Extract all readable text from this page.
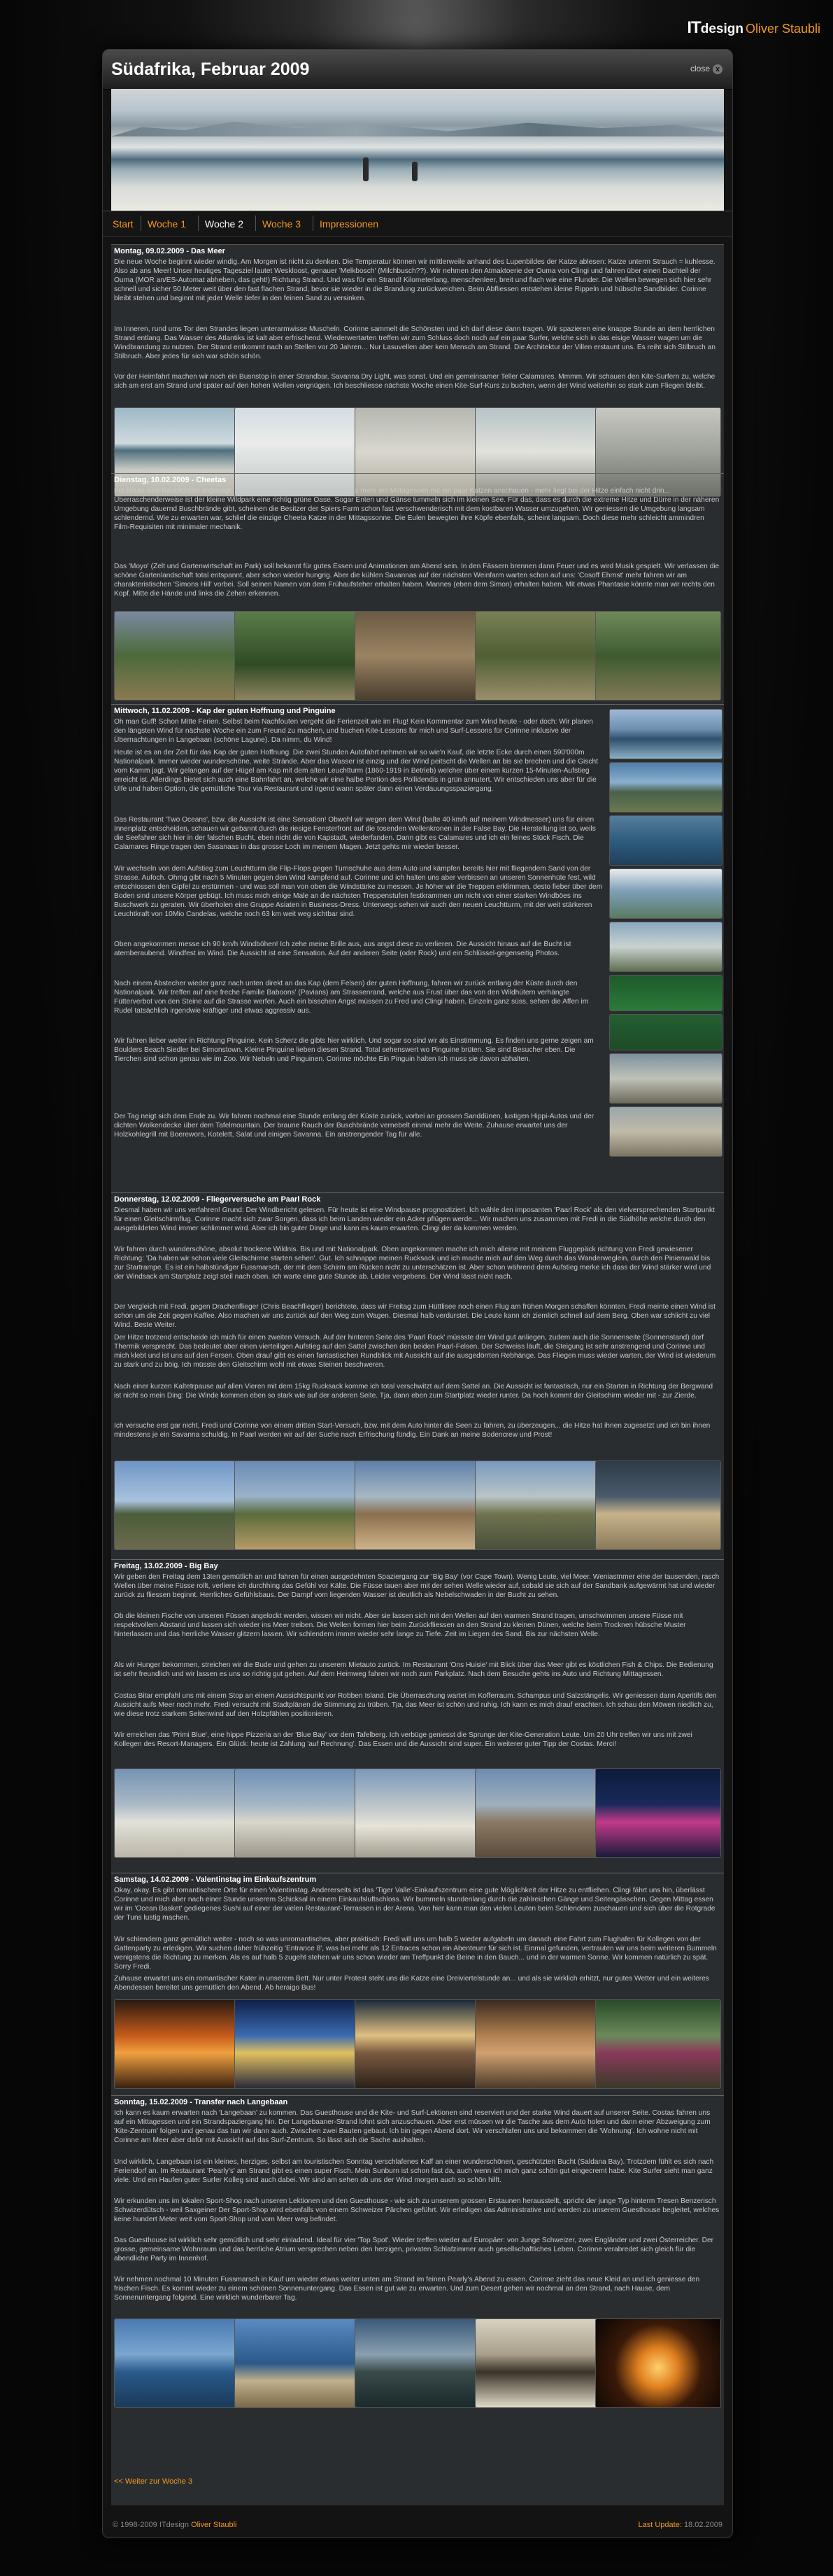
ITdesign Oliver Staubli
Südafrika, Februar 2009	close x
Start Woche 1 Woche 2 Woche 3 Impressionen
Montag, 09.02.2009 - Das Meer

Die neue Woche beginnt wieder windig. Am Morgen ist nicht zu denken. Die Temperatur können wir mittlerweile anhand des Lupenbildes der Katze ablesen: Katze unterm Strauch = kuhlesse. Also ab ans Meer! Unser heutiges Tagesziel lautet Weskloost, genauer 'Melkbosch' (Milchbusch??). Wir nehmen den Atmaktoerie der Ouma von Clingi und fahren über einen Dachteil der Ouma (MOR an/ES-Automat abheben, das geht!) Richtung Strand. Und was für ein Strand! Kilometerlang, menschenleer, breit und flach wie eine Flunder. Die Wellen bewegen sich hier sehr schnell und sicher 50 Meter weit über den fast flachen Strand, bevor sie wieder in die Brandung zurückweichen. Beim Abfliessen entstehen kleine Rippeln und hübsche Sandbilder. Corinne bleibt stehen und beginnt mit jeder Welle tiefer in den feinen Sand zu versinken.

Im Inneren, rund ums Tor den Strandes liegen unterarmwisse Muscheln. Corinne sammelt die Schönsten und ich darf diese dann tragen. Wir spazieren eine knappe Stunde an dem herrlichen Strand entlang. Das Wasser des Atlantiks ist kalt aber erfrischend. Wiederwertarten treffen wir zum Schluss doch noch auf ein paar Surfer, welche sich in das eisige Wasser wagen um die Windbrandung zu nutzen. Der Strand entkommt nach an Stellen vor 20 Jahren... Nur Lasuvellen aber kein Mensch am Strand. Die Architektur der Villen erstaunt uns. Es reiht sich Stilbruch an Stilbruch. Aber jedes für sich war schön schön.

Vor der Heimfahrt machen wir noch ein Busnstop in einer Strandbar, Savanna Dry Light, was sonst. Und ein gemeinsamer Teller Calamares. Mmmm. Wir schauen den Kite-Surfern zu, welche sich am erst am Strand und später auf den hohen Wellen vergnügen. Ich beschliesse nächste Woche einen Kite-Surf-Kurs zu buchen, wenn der Wind weiterhin so stark zum Fliegen bleibt.

Dienstag, 10.02.2009 - Cheetas

Für heute sind Raubkatzen angesagt. Wird aber wohl weniger eine Safari, als mehr ein Mittagessen mit ein paar Katzen anschauen - mehr liegt bei der Hitze einfach nicht drin... Überraschenderweise ist der kleine Wildpark eine richtig grüne Oase. Sogar Enten und Gänse tummeln sich im kleinen See. Für das, dass es durch die extreme Hitze und Dürre in der näheren Umgebung dauernd Buschbrände gibt, scheinen die Besitzer der Spiers Farm schon fast verschwenderisch mit dem kostbaren Wasser umzugehen. Wir geniessen die Umgebung langsam schlendernd. Wie zu erwarten war, schlief die einzige Cheeta Katze in der Mittagssonne. Die Eulen bewegten ihre Köpfe ebenfalls, scheint langsam. Doch diese mehr schleicht ammindren Film-Requisiten mit minimaler mechanik.

Das 'Moyo' (Zelt und Gartenwirtschaft im Park) soll bekannt für gutes Essen und Animationen am Abend sein. In den Fässern brennen dann Feuer und es wird Musik gespielt. Wir verlassen die schöne Gartenlandschaft total entspannt, aber schon wieder hungrig. Aber die kühlen Savannas auf der nächsten Weinfarm warten schon auf uns: 'Cosoff Ehrnst' mehr fahren wir am charakteristischen 'Simons Hill' vorbei. Soll seinen Namen von dem Frühaufsteher erhalten haben. Mannes (eben dem Simon) erhalten haben. Mit etwas Phantasie könnte man wir rechts den Kopf. Mitte die Hände und links die Zehen erkennen.

Mittwoch, 11.02.2009 - Kap der guten Hoffnung und Pinguine

Oh man Guff! Schon Mitte Ferien. Selbst beim Nachfouten vergeht die Ferienzeit wie im Flug! Kein Kommentar zum Wind heute - oder doch: Wir planen den längsten Wind für nächste Woche ein zum Freund zu machen, und buchen Kite-Lessons für mich und Surf-Lessons für Corinne inklusive der Übernachtungen in Langebaan (schöne Lagune). Da nimm, du Wind!

Heute ist es an der Zeit für das Kap der guten Hoffnung. Die zwei Stunden Autofahrt nehmen wir so wie'n Kauf, die letzte Ecke durch einen 590'000m Nationalpark. Immer wieder wunderschöne, weite Strände. Aber das Wasser ist einzig und der Wind peitscht die Wellen an bis sie brechen und die Gischt vom Kamm jagt. Wir gelangen auf der Hügel am Kap mit dem alten Leuchtturm (1860-1919 in Betrieb) welcher über einem kurzen 15-Minuten-Aufstieg erreicht ist. Allerdings bietet sich auch eine Bahnfahrt an, welche wir eine halbe Portion des Pollidendis in grün annutert. Wir entschieden uns aber für die Ulfe und haben Option, die gemütliche Tour via Restaurant und irgend wann später dann einen Verdauungsspaziergang.

Das Restaurant 'Two Oceans', bzw. die Aussicht ist eine Sensation! Obwohl wir wegen dem Wind (balte 40 km/h auf meinem Windmesser) uns für einen Innenplatz entscheiden, schauen wir gebannt durch die riesige Fensterfront auf die tosenden Wellenkronen in der False Bay. Die Herstellung ist so, weils die Seefahrer sich hier in der falschen Bucht, eben nicht die von Kapstadt, wiederfanden. Dann gibt es Calamares und ich ein feines Stück Fisch. Die Calamares Ringe tragen den Sasanaas in das grosse Loch im meinem Magen. Jetzt gehts mir wieder besser.

Wir wechseln von dem Aufstieg zum Leuchtturm die Flip-Flops gegen Turnschuhe aus dem Auto und kämpfen bereits hier mit fliegendem Sand von der Strasse. Aufoch. Ohmg gibt nach 5 Minuten gegen den Wind kämpfend auf. Corinne und ich halten uns aber verbissen an unseren Sonnenhüte fest, wild entschlossen den Gipfel zu erstürmen - und was soll man von oben die Windstärke zu messen. Je höher wir die Treppen erklimmen, desto fieber über dem Boden sind unsere Körper gebügt. Ich muss mich einige Male an die nächsten Treppenstufen festkrammen um nicht von einer starken Windböes ins Buschwerk zu geraten. Wir überholen eine Gruppe Asiaten in Business-Dress. Unterwegs sehen wir auch den neuen Leuchtturm, mit der weit stärkeren Leuchtkraft von 10Mio Candelas, welche noch 63 km weit weg sichtbar sind.

Oben angekommen messe ich 90 km/h Windböhen! Ich zehe meine Brille aus, aus angst diese zu verlieren. Die Aussicht hinaus auf die Bucht ist atemberaubend. Windfest im Wind. Die Aussicht ist eine Sensation. Auf der anderen Seite (oder Rock) und ein Schlüssel-gegenseitig Photos.

Nach einem Abstecher wieder ganz nach unten direkt an das Kap (dem Felsen) der guten Hoffnung, fahren wir zurück entlang der Küste durch den Nationalpark. Wir treffen auf eine freche Familie Baboons' (Pavians) am Strassenrand, welche aus Frust über das von den Wildhütern verhängte Fütterverbot von den Steine auf die Strasse werfen. Auch ein bisschen Angst müssen zu Fred und Clingi haben. Einzeln ganz süss, sehen die Affen im Rudel tatsächlich irgendwie kräftiger und etwas aggressiv aus.

Wir fahren lieber weiter in Richtung Pinguine. Kein Scherz die gibts hier wirklich. Und sogar so sind wir als Einstimmung. Es finden uns gerne zeigen am Boulders Beach Siedler bei Simonstown. Kleine Pinguine lieben diesen Strand. Total sehenswert wo Pinguine brüten. Sie sind Besucher eben. Die Tierchen sind schon genau wie im Zoo. Wir Nebeln und Pinguinen. Corinne möchte Ein Pinguin halten Ich muss sie davon abhalten.

Der Tag neigt sich dem Ende zu. Wir fahren nochmal eine Stunde entlang der Küste zurück, vorbei an grossen Sanddünen, lustigen Hippi-Autos und der dichten Wolkendecke über dem Tafelmountain. Der braune Rauch der Buschbrände vernebelt einmal mehr die Weite. Zuhause erwartet uns der Holzkohlegrill mit Boerewors, Kotelett, Salat und einigen Savanna. Ein anstrengender Tag für alle.

Donnerstag, 12.02.2009 - Fliegerversuche am Paarl Rock

Diesmal haben wir uns verfahren! Grund: Der Windbericht gelesen. Für heute ist eine Windpause prognostiziert. Ich wähle den imposanten 'Paarl Rock' als den vielversprechenden Startpunkt für einen Gleitschirmflug. Corinne macht sich zwar Sorgen, dass ich beim Landen wieder ein Acker pflügen werde... Wir machen uns zusammen mit Fredi in die Südhöhe welche durch den ausgebildeten Wind immer schlimmer wird. Aber ich bin guter Dinge und kann es kaum erwarten. Clingi der da kommen werden.

Wir fahren durch wunderschöne, absolut trockene Wildnis. Bis und mit Nationalpark. Oben angekommen mache ich mich alleine mit meinem Fluggepäck richtung von Fredi gewiesener Richtung: 'Da haben wir schon viele Gleitschirme starten sehen'. Gut. Ich schnappe meinen Rucksack und ich mache mich auf den Weg durch das Wanderweglein, durch den Pinienwald bis zur Startrampe. Es ist ein halbstündiger Fussmarsch, der mit dem Schirm am Rücken nicht zu unterschätzen ist. Aber schon während dem Aufstieg merke ich dass der Wind stärker wird und der Windsack am Startplatz zeigt steil nach oben. Ich warte eine gute Stunde ab. Leider vergebens. Der Wind lässt nicht nach.

Der Vergleich mit Fredi, gegen Drachenflieger (Chris Beachflieger) berichtete, dass wir Freitag zum Hüttlisee noch einen Flug am frühen Morgen schaffen könnten. Fredi meinte einen Wind ist schon um die Zeit gegen Kaffee. Also machen wir uns zurück auf den Weg zum Wagen. Diesmal halb verdurstet. Die Leute kann ich ziemlich schnell auf dem Berg. Oben war schlicht zu viel Wind. Beste Weiter.

Der Hitze trotzend entscheide ich mich für einen zweiten Versuch. Auf der hinteren Seite des 'Paarl Rock' müssste der Wind gut anliegen, zudem auch die Sonnenseite (Sonnenstand) dorf Thermik versprecht. Das bedeutet aber einen vierteiligen Aufstieg auf den Sattel zwischen den beiden Paarl-Felsen. Der Schweiss läuft, die Steigung ist sehr anstrengend und Corinne und mich klebt und ist uns auf den Fersen. Oben drauf gibt es einen fantastischen Rundblick mit Aussicht auf die ausgedörrten Rebhänge. Das Fliegen muss wieder warten, der Wind ist wiederum zu stark und zu böig. Ich müsste den Gleitschirm wohl mit etwas Steinen beschweren.

Nach einer kurzen Kaltetrpause auf allen Vieren mit dem 15kg Rucksack komme ich total verschwitzt auf dem Sattel an. Die Aussicht ist fantastisch, nur ein Starten in Richtung der Bergwand ist nicht so mein Ding: Die Winde kommen eben so stark wie auf der anderen Seite. Tja, dann eben zum Startplatz wieder runter. Da hoch kommt der Gleitschirm wieder mit - zur Zierde.

Ich versuche erst gar nicht, Fredi und Corinne von einem dritten Start-Versuch, bzw. mit dem Auto hinter die Seen zu fahren, zu überzeugen... die Hitze hat ihnen zugesetzt und ich bin ihnen mindestens je ein Savanna schuldig. In Paarl werden wir auf der Suche nach Erfrischung fündig. Ein Dank an meine Bodencrew und Prost!

Freitag, 13.02.2009 - Big Bay

Wir geben den Freitag dem 13ten gemütlich an und fahren für einen ausgedehnten Spaziergang zur 'Big Bay' (vor Cape Town). Wenig Leute, viel Meer. Weniastnmer eine der tausenden, rasch Wellen über meine Füsse rollt, verliere ich durchhing das Gefühl vor Kälte. Die Füsse tauen aber mit der sehen Welle wieder auf, sobald sie sich auf der Sandbank aufgewärmt hat und wieder zurück zu fliessen beginnt. Herrliches Gefühlsbaus. Der Dampf vom liegenden Wasser ist deutlich als Nebelschwaden in der Bucht zu sehen.

Ob die kleinen Fische von unseren Füssen angelockt werden, wissen wir nicht. Aber sie lassen sich mit den Wellen auf den warmen Strand tragen, umschwimmen unsere Füsse mit respektvollem Abstand und lassen sich wieder ins Meer treiben. Die Wellen formen hier beim Zurückfliessen an den Strand zu kleinen Dünen, welche beim Trocknen hübsche Muster hinterlassen und das herrliche Wasser glitzern lassen. Wir schlendern immer wieder sehr lange zu Tiefe. Zeit im Liegen des Sand. Bis zur nächsten Welle.

Als wir Hunger bekommen, streichen wir die Bude und gehen zu unserem Mietauto zurück. Im Restaurant 'Ons Huisie' mit Blick über das Meer gibt es köstlichen Fish & Chips. Die Bedienung ist sehr freundlich und wir lassen es uns so richtig gut gehen. Auf dem Heimweg fahren wir noch zum Parkplatz. Nach dem Besuche gehts ins Auto und Richtung Mittagessen.

Costas Bitar empfahl uns mit einem Stop an einem Aussichtspunkt vor Robben Island. Die Überraschung wartet im Kofferraum. Schampus und Salzstängelis. Wir geniessen dann Aperitifs den Aussicht aufs Meer noch mehr. Fredi versucht mit Stadtplänen die Stimmung zu trüben. Tja, das Meer ist schön und ruhig. Ich kann es mich drauf erachten. Ich schau den Möwen niedlich zu, wie diese trotz starkem Seitenwind auf den Holzpfählen positionieren.

Wir erreichen das 'Primi Blue', eine hippe Pizzeria an der 'Blue Bay' vor dem Tafelberg. Ich verbüge geniesst die Sprunge der Kite-Generation Leute. Um 20 Uhr treffen wir uns mit zwei Kollegen des Resort-Managers. Ein Glück: heute ist Zahlung 'auf Rechnung'. Das Essen und die Aussicht sind super. Ein weiterer guter Tipp der Costas. Merci!

Samstag, 14.02.2009 - Valentinstag im Einkaufszentrum

Okay, okay. Es gibt romantischere Orte für einen Valentinstag. Andererseits ist das 'Tiger Valle'-Einkaufszentrum eine gute Möglichkeit der Hitze zu entfliehen. Clingi fährt uns hin, überlässt Corinne und mich aber nach einer Stunde unserem Schicksal in einem Einkaufsluftschloss. Wir bummeln stundenlang durch die zahlreichen Gänge und Seitengässchen. Gegen Mittag essen wir im 'Ocean Basket' gediegenes Sushi auf einer der vielen Restaurant-Terrassen in der Arena. Von hier kann man den vielen Leuten beim Schlendern zuschauen und sich über die Rotgrade der Tuns lustig machen.

Wir schlendern ganz gemütlich weiter - noch so was unromantisches, aber praktisch: Fredi will uns um halb 5 wieder aufgabeln um danach eine Fahrt zum Flughafen für Kollegen von der Gattenparty zu erledigen. Wir suchen daher frühzeitig 'Entrance 8', was bei mehr als 12 Entraces schon ein Abenteuer für sich ist. Einmal gefunden, vertrauten wir uns beim weiteren Bummeln wenigstens die Richtung zu merken. Als es auf halb 5 zugeht stehen wir uns schon wieder am Treffpunkt die Beine in den Bauch... und in der warmen Sonne. Wir kommen natürlich zu spät. Sorry Fredi.

Zuhause erwartet uns ein romantischer Kater in unserem Bett. Nur unter Protest steht uns die Katze eine Dreiviertelstunde an... und als sie wirklich erhitzt, nur gutes Wetter und ein weiteres Abendessen bereitet uns gemütlich den Abend. Ab heraigo Bus!

Sonntag, 15.02.2009 - Transfer nach Langebaan

Ich kann es kaum erwarten nach 'Langebaan' zu kommen. Das Guesthouse und die Kite- und Surf-Lektionen sind reserviert und der starke Wind dauert auf unserer Seite. Costas fahren uns auf ein Mittagessen und ein Strandspaziergang hin. Der Langebaaner-Strand lohnt sich anzuschauen. Aber erst müssen wir die Tasche aus dem Auto holen und dann einer Abzweigung zum 'Kite-Zentrum' folgen und genau das tun wir dann auch. Zwischen zwei Bauten gebaut. Ich bin gegen Abend dort. Wir verschlafen uns und bekommen die 'Wohnung'. Ich wohne nicht mit Corinne am Meer aber dafür mit Aussicht auf das Surf-Zentrum. So lässt sich die Sache aushalten.

Und wirklich, Langebaan ist ein kleines, herziges, selbst am touristischen Sonntag verschlafenes Kaff an einer wunderschönen, geschützten Bucht (Saldana Bay). Trotzdem fühlt es sich nach Feriendorf an. Im Restaurant 'Pearly's' am Strand gibt es einen super Fisch. Mein Sunburn ist schon fast da, auch wenn ich mich ganz schön gut eingecremt habe. Kite Surfer sieht man ganz viele. Und ein Haufen guter Surfer Kolleg sind auch dabei. Wir sind am sehen ob uns der Wind morgen auch so schön hilft.

Wir erkunden uns im lokalen Sport-Shop nach unseren Lektionen und den Guesthouse - wie sich zu unserem grossen Erstaunen herausstellt, spricht der junge Typ hinterm Tresen Benzerisch Schwizerdütsch - weil Saxgeiner Der Sport-Shop wird ebenfalls von einem Schweizer Pärchen geführt. Wir erledigen das Administrative und werden zu unserem Guesthouse begleitet, welches keine hundert Meter weit vom Sport-Shop und vom Meer weg befindet.

Das Guesthouse ist wirklich sehr gemütlich und sehr einladend. Ideal für vier 'Top Spot'. Wieder treffen wieder auf Europäer: von Junge Schweizer, zwei Engländer und zwei Österreicher. Der grosse, gemeinsame Wohnraum und das herrliche Atrium versprechen neben den herzigen, privaten Schlafzimmer auch gesellschaftliches Leben. Corinne verabredet sich gleich für die abendliche Party im Innenhof.

Wir nehmen nochmal 10 Minuten Fussmarsch in Kauf um wieder etwas weiter unten am Strand im feinen Pearly's Abend zu essen. Corinne zieht das neue Kleid an und ich geniesse den frischen Fisch. Es kommt wieder zu einem schönen Sonnenuntergang. Das Essen ist gut wie zu erwarten. Und zum Desert gehen wir nochmal an den Strand, nach Hause, dem Sonnenuntergang folgend. Eine wirklich wunderbarer Tag.

<< Weiter zur Woche 3
© 1998-2009 ITdesign Oliver Staubli	Last Update: 18.02.2009
